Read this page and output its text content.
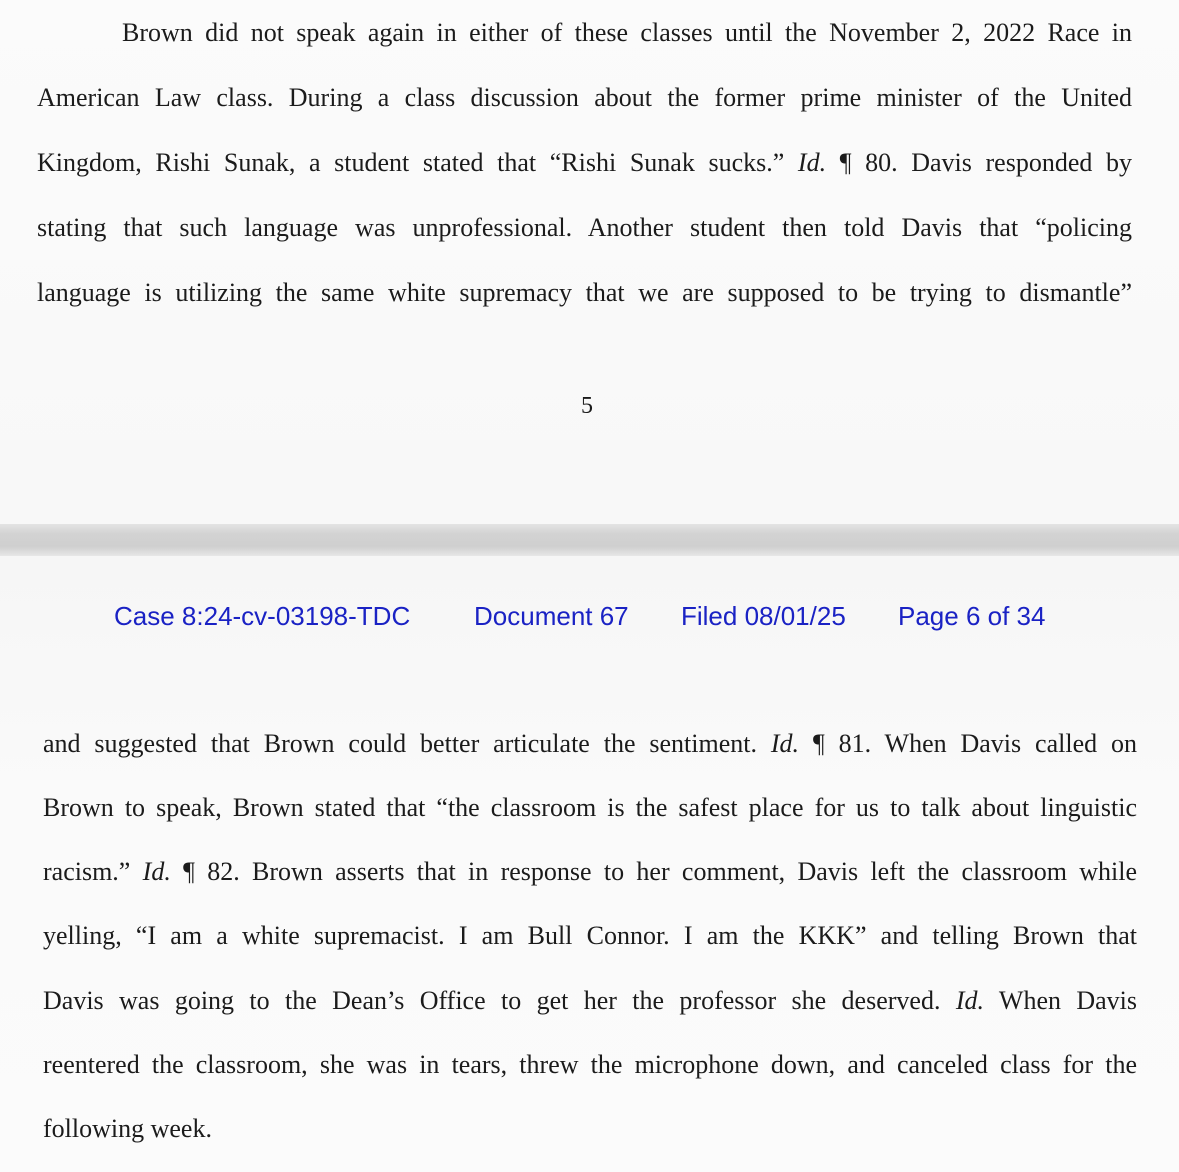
Brown did not speak again in either of these classes until the November 2, 2022 Race in
American Law class. During a class discussion about the former prime minister of the United
Kingdom, Rishi Sunak, a student stated that “Rishi Sunak sucks.” Id. ¶ 80. Davis responded by
stating that such language was unprofessional. Another student then told Davis that “policing
language is utilizing the same white supremacy that we are supposed to be trying to dismantle”
5
Case 8:24-cv-03198-TDC Document 67 Filed 08/01/25 Page 6 of 34
and suggested that Brown could better articulate the sentiment. Id. ¶ 81. When Davis called on
Brown to speak, Brown stated that “the classroom is the safest place for us to talk about linguistic
racism.” Id. ¶ 82. Brown asserts that in response to her comment, Davis left the classroom while
yelling, “I am a white supremacist. I am Bull Connor. I am the KKK” and telling Brown that
Davis was going to the Dean’s Office to get her the professor she deserved. Id. When Davis
reentered the classroom, she was in tears, threw the microphone down, and canceled class for the
following week.
